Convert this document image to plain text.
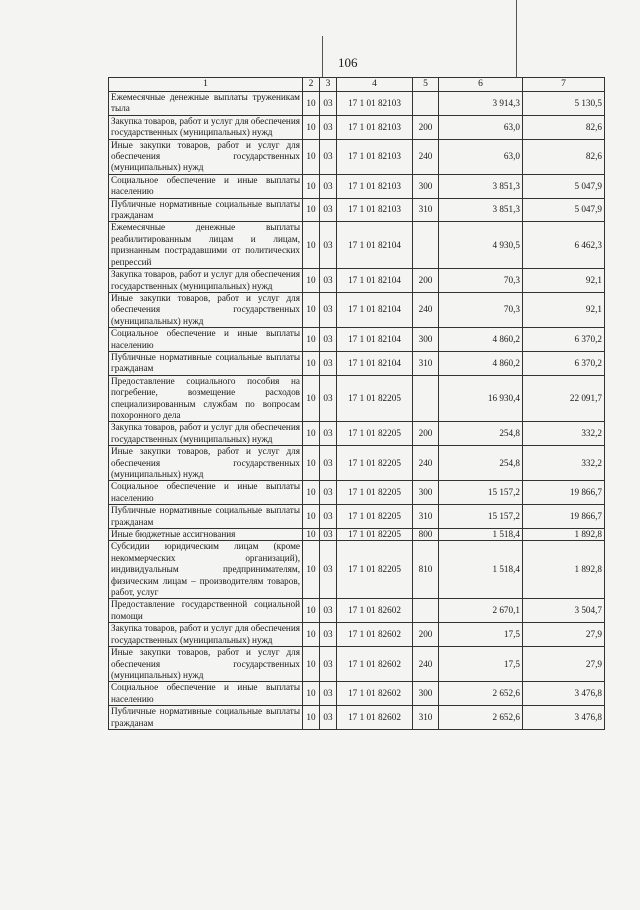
106
1	2	3	4	5	6	7
Ежемесячные денежные выплаты труженикам тыла	10	03	17 1 01 82103		3 914,3	5 130,5
Закупка товаров, работ и услуг для обеспечения государственных (муниципальных) нужд	10	03	17 1 01 82103	200	63,0	82,6
Иные закупки товаров, работ и услуг для обеспечения государственных (муниципальных) нужд	10	03	17 1 01 82103	240	63,0	82,6
Социальное обеспечение и иные выплаты населению	10	03	17 1 01 82103	300	3 851,3	5 047,9
Публичные нормативные социальные выплаты гражданам	10	03	17 1 01 82103	310	3 851,3	5 047,9
Ежемесячные денежные выплаты реабилитированным лицам и лицам, признанным пострадавшими от политических репрессий	10	03	17 1 01 82104		4 930,5	6 462,3
Закупка товаров, работ и услуг для обеспечения государственных (муниципальных) нужд	10	03	17 1 01 82104	200	70,3	92,1
Иные закупки товаров, работ и услуг для обеспечения государственных (муниципальных) нужд	10	03	17 1 01 82104	240	70,3	92,1
Социальное обеспечение и иные выплаты населению	10	03	17 1 01 82104	300	4 860,2	6 370,2
Публичные нормативные социальные выплаты гражданам	10	03	17 1 01 82104	310	4 860,2	6 370,2
Предоставление социального пособия на погребение, возмещение расходов специализированным службам по вопросам похоронного дела	10	03	17 1 01 82205		16 930,4	22 091,7
Закупка товаров, работ и услуг для обеспечения государственных (муниципальных) нужд	10	03	17 1 01 82205	200	254,8	332,2
Иные закупки товаров, работ и услуг для обеспечения государственных (муниципальных) нужд	10	03	17 1 01 82205	240	254,8	332,2
Социальное обеспечение и иные выплаты населению	10	03	17 1 01 82205	300	15 157,2	19 866,7
Публичные нормативные социальные выплаты гражданам	10	03	17 1 01 82205	310	15 157,2	19 866,7
Иные бюджетные ассигнования	10	03	17 1 01 82205	800	1 518,4	1 892,8
Субсидии юридическим лицам (кроме некоммерческих организаций), индивидуальным предпринимателям, физическим лицам – производителям товаров, работ, услуг	10	03	17 1 01 82205	810	1 518,4	1 892,8
Предоставление государственной социальной помощи	10	03	17 1 01 82602		2 670,1	3 504,7
Закупка товаров, работ и услуг для обеспечения государственных (муниципальных) нужд	10	03	17 1 01 82602	200	17,5	27,9
Иные закупки товаров, работ и услуг для обеспечения государственных (муниципальных) нужд	10	03	17 1 01 82602	240	17,5	27,9
Социальное обеспечение и иные выплаты населению	10	03	17 1 01 82602	300	2 652,6	3 476,8
Публичные нормативные социальные выплаты гражданам	10	03	17 1 01 82602	310	2 652,6	3 476,8
